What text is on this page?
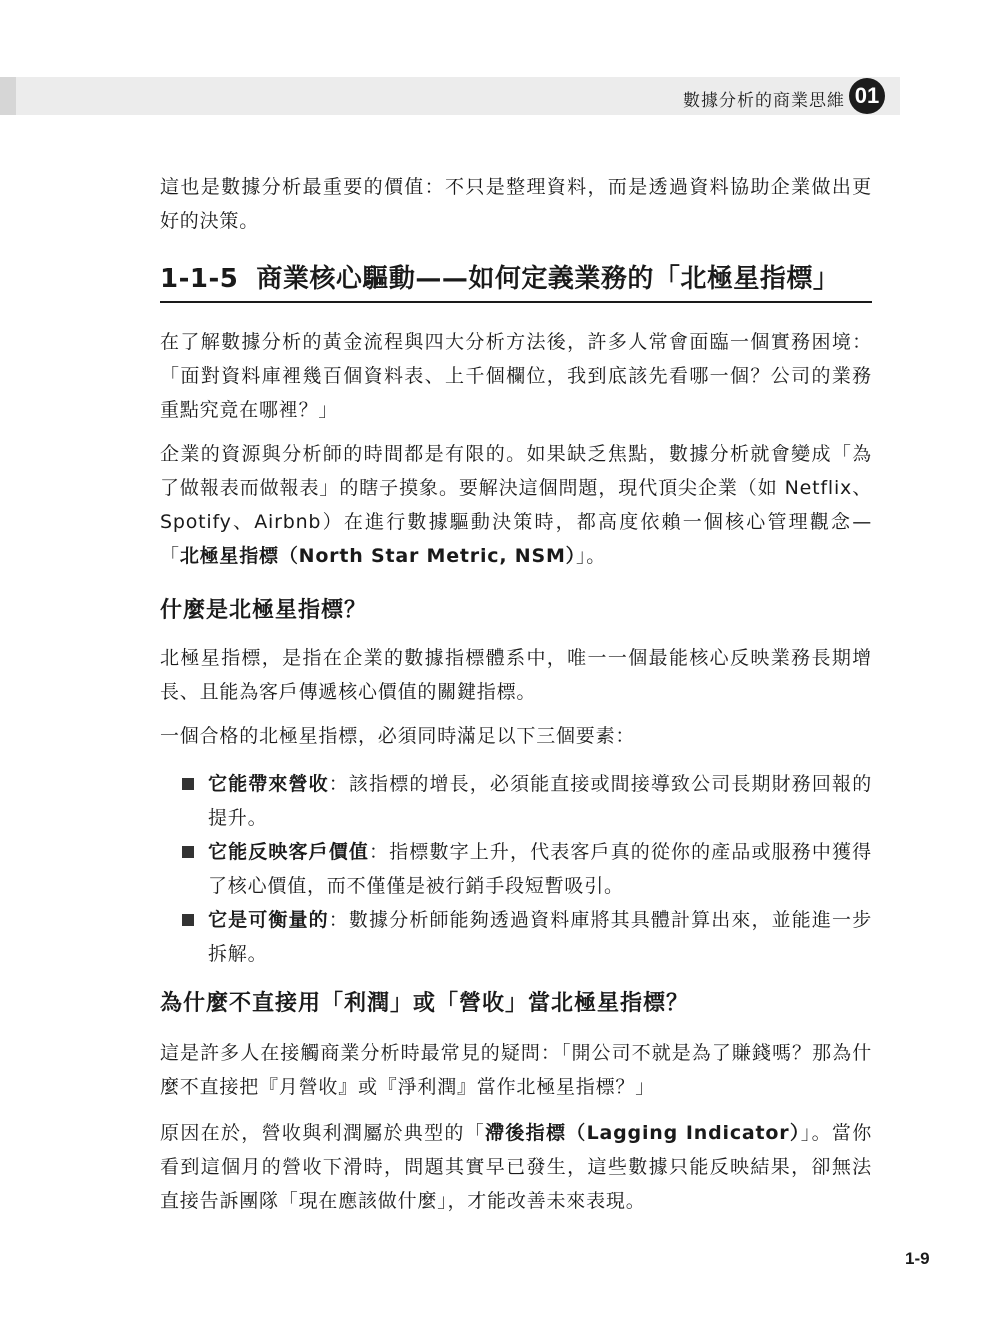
數據分析的商業思維 01

這也是數據分析最重要的價值：不只是整理資料，而是透過資料協助企業做出更好的決策。

1-1-5 商業核心驅動——如何定義業務的「北極星指標」

在了解數據分析的黃金流程與四大分析方法後，許多人常會面臨一個實務困境：「面對資料庫裡幾百個資料表、上千個欄位，我到底該先看哪一個？公司的業務重點究竟在哪裡？」

企業的資源與分析師的時間都是有限的。如果缺乏焦點，數據分析就會變成「為了做報表而做報表」的瞎子摸象。要解決這個問題，現代頂尖企業（如 Netflix、Spotify、Airbnb）在進行數據驅動決策時，都高度依賴一個核心管理觀念—「北極星指標（North Star Metric, NSM）」。

什麼是北極星指標？

北極星指標，是指在企業的數據指標體系中，唯一一個最能核心反映業務長期增長、且能為客戶傳遞核心價值的關鍵指標。

一個合格的北極星指標，必須同時滿足以下三個要素：

它能帶來營收：該指標的增長，必須能直接或間接導致公司長期財務回報的提升。

它能反映客戶價值：指標數字上升，代表客戶真的從你的產品或服務中獲得了核心價值，而不僅僅是被行銷手段短暫吸引。

它是可衡量的：數據分析師能夠透過資料庫將其具體計算出來，並能進一步拆解。

為什麼不直接用「利潤」或「營收」當北極星指標？

這是許多人在接觸商業分析時最常見的疑問：「開公司不就是為了賺錢嗎？那為什麼不直接把『月營收』或『淨利潤』當作北極星指標？」

原因在於，營收與利潤屬於典型的「滯後指標（Lagging Indicator）」。當你看到這個月的營收下滑時，問題其實早已發生，這些數據只能反映結果，卻無法直接告訴團隊「現在應該做什麼」，才能改善未來表現。

1-9
